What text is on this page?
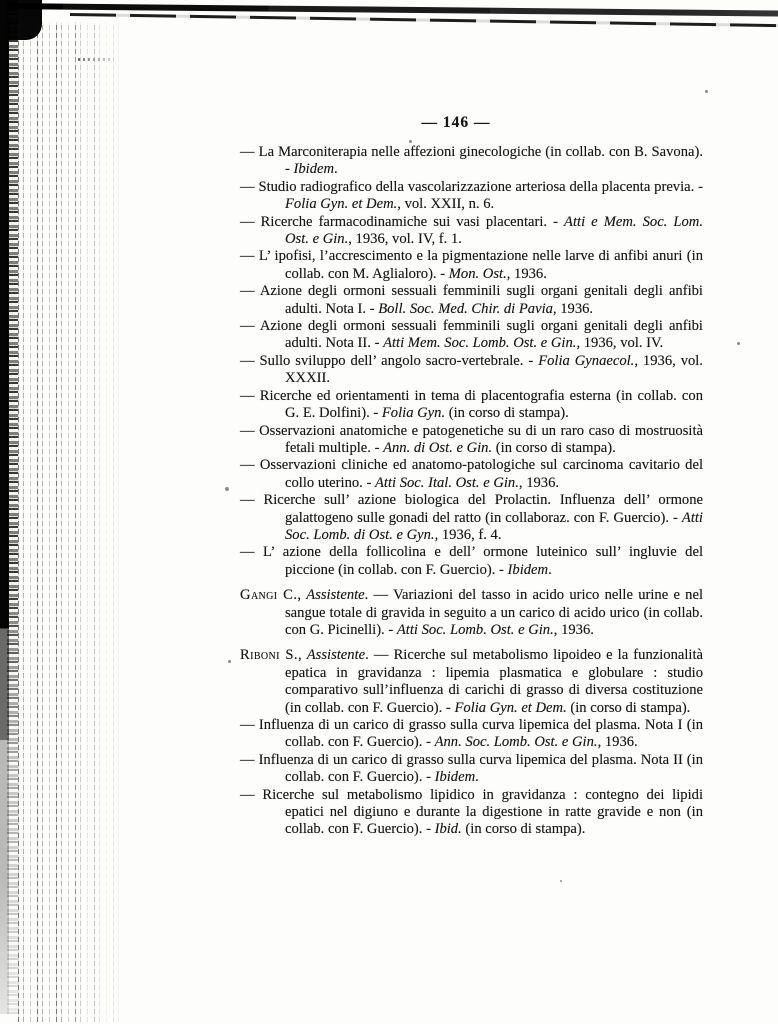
— 146 —
— La Marconiterapia nelle affezioni ginecologiche (in collab. con B. Savona). - Ibidem.
— Studio radiografico della vascolarizzazione arteriosa della placenta previa. - Folia Gyn. et Dem., vol. XXII, n. 6.
— Ricerche farmacodinamiche sui vasi placentari. - Atti e Mem. Soc. Lom. Ost. e Gin., 1936, vol. IV, f. 1.
— L’ ipofisi, l’accrescimento e la pigmentazione nelle larve di anfibi anuri (in collab. con M. Aglialoro). - Mon. Ost., 1936.
— Azione degli ormoni sessuali femminili sugli organi genitali degli anfibi adulti. Nota I. - Boll. Soc. Med. Chir. di Pavia, 1936.
— Azione degli ormoni sessuali femminili sugli organi genitali degli anfibi adulti. Nota II. - Atti Mem. Soc. Lomb. Ost. e Gin., 1936, vol. IV.
— Sullo sviluppo dell’ angolo sacro-vertebrale. - Folia Gynaecol., 1936, vol. XXXII.
— Ricerche ed orientamenti in tema di placentografia esterna (in collab. con G. E. Dolfini). - Folia Gyn. (in corso di stampa).
— Osservazioni anatomiche e patogenetiche su di un raro caso di mostruosità fetali multiple. - Ann. di Ost. e Gin. (in corso di stampa).
— Osservazioni cliniche ed anatomo-patologiche sul carcinoma cavitario del collo uterino. - Atti Soc. Ital. Ost. e Gin., 1936.
— Ricerche sull’ azione biologica del Prolactin. Influenza dell’ ormone galattogeno sulle gonadi del ratto (in collaboraz. con F. Guercio). - Atti Soc. Lomb. di Ost. e Gyn., 1936, f. 4.
— L’ azione della follicolina e dell’ ormone luteinico sull’ ingluvie del piccione (in collab. con F. Guercio). - Ibidem.
Gangi C., Assistente. — Variazioni del tasso in acido urico nelle urine e nel sangue totale di gravida in seguito a un carico di acido urico (in collab. con G. Picinelli). - Atti Soc. Lomb. Ost. e Gin., 1936.
Riboni S., Assistente. — Ricerche sul metabolismo lipoideo e la funzionalità epatica in gravidanza : lipemia plasmatica e globulare : studio comparativo sull’influenza di carichi di grasso di diversa costituzione (in collab. con F. Guercio). - Folia Gyn. et Dem. (in corso di stampa).
— Influenza di un carico di grasso sulla curva lipemica del plasma. Nota I (in collab. con F. Guercio). - Ann. Soc. Lomb. Ost. e Gin., 1936.
— Influenza di un carico di grasso sulla curva lipemica del plasma. Nota II (in collab. con F. Guercio). - Ibidem.
— Ricerche sul metabolismo lipidico in gravidanza : contegno dei lipidi epatici nel digiuno e durante la digestione in ratte gravide e non (in collab. con F. Guercio). - Ibid. (in corso di stampa).
